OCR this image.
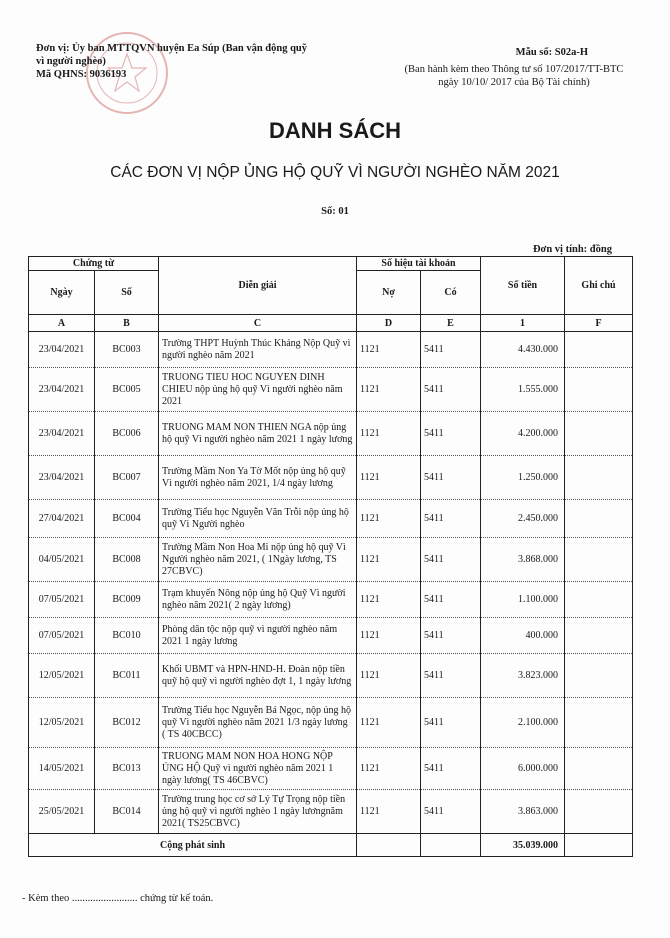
Đơn vị: Ủy ban MTTQVN huyện Ea Súp (Ban vận động quỹ
vì người nghèo)
Mã QHNS: 9036193
Mẫu số: S02a-H
(Ban hành kèm theo Thông tư số 107/2017/TT-BTC
ngày 10/10/ 2017 của Bộ Tài chính)
DANH SÁCH
CÁC ĐƠN VỊ NỘP ỦNG HỘ QUỸ VÌ NGƯỜI NGHÈO NĂM 2021
Số: 01
Đơn vị tính: đồng
Chứng từ		Diễn giải	Số hiệu tài khoản		Số tiền	Ghi chú
Ngày	Số		Nợ	Có		
A	B	C	D	E	1	F
23/04/2021	BC003	Trường THPT Huỳnh Thúc Kháng Nộp Quỹ vì người nghèo năm 2021	1121	5411	4.430.000	
23/04/2021	BC005	TRUONG TIEU HOC NGUYEN DINH CHIEU nộp ủng hộ quỹ Vì người nghèo năm 2021	1121	5411	1.555.000	
23/04/2021	BC006	TRUONG MAM NON THIEN NGA nộp ủng hộ quỹ Vì người nghèo năm 2021 1 ngày lương	1121	5411	4.200.000	
23/04/2021	BC007	Trường Mầm Non Ya Tờ Mốt nộp ủng hộ quỹ Vì người nghèo năm 2021, 1/4 ngày lương	1121	5411	1.250.000	
27/04/2021	BC004	Trường Tiểu học Nguyễn Văn Trỗi nộp ủng hộ quỹ Vì Người nghèo	1121	5411	2.450.000	
04/05/2021	BC008	Trường Mầm Non Hoa Mi nộp ủng hộ quỹ Vì Người nghèo năm 2021, ( 1Ngày lương, TS 27CBVC)	1121	5411	3.868.000	
07/05/2021	BC009	Trạm khuyến Nông nộp ủng hộ Quỹ Vì người nghèo năm 2021( 2 ngày lương)	1121	5411	1.100.000	
07/05/2021	BC010	Phòng dân tộc nộp quỹ vì người nghèo năm 2021 1 ngày lương	1121	5411	400.000	
12/05/2021	BC011	Khối UBMT và HPN-HND-H. Đoàn nộp tiền quỹ hộ quỹ vì người nghèo đợt 1, 1 ngày lương	1121	5411	3.823.000	
12/05/2021	BC012	Trường Tiểu học Nguyễn Bá Ngọc, nộp ủng hộ quỹ Vì người nghèo năm 2021 1/3 ngày lương ( TS 40CBCC)	1121	5411	2.100.000	
14/05/2021	BC013	TRUONG MAM NON HOA HONG NỘP ỦNG HỘ Quỹ vì người nghèo năm 2021 1 ngày lương( TS 46CBVC)	1121	5411	6.000.000	
25/05/2021	BC014	Trường trung học cơ sở Lý Tự Trọng nộp tiền ủng hộ quỹ vì người nghèo 1 ngày lươngnăm 2021( TS25CBVC)	1121	5411	3.863.000	
Cộng phát sinh					35.039.000	
- Kèm theo ......................... chứng từ kế toán.
